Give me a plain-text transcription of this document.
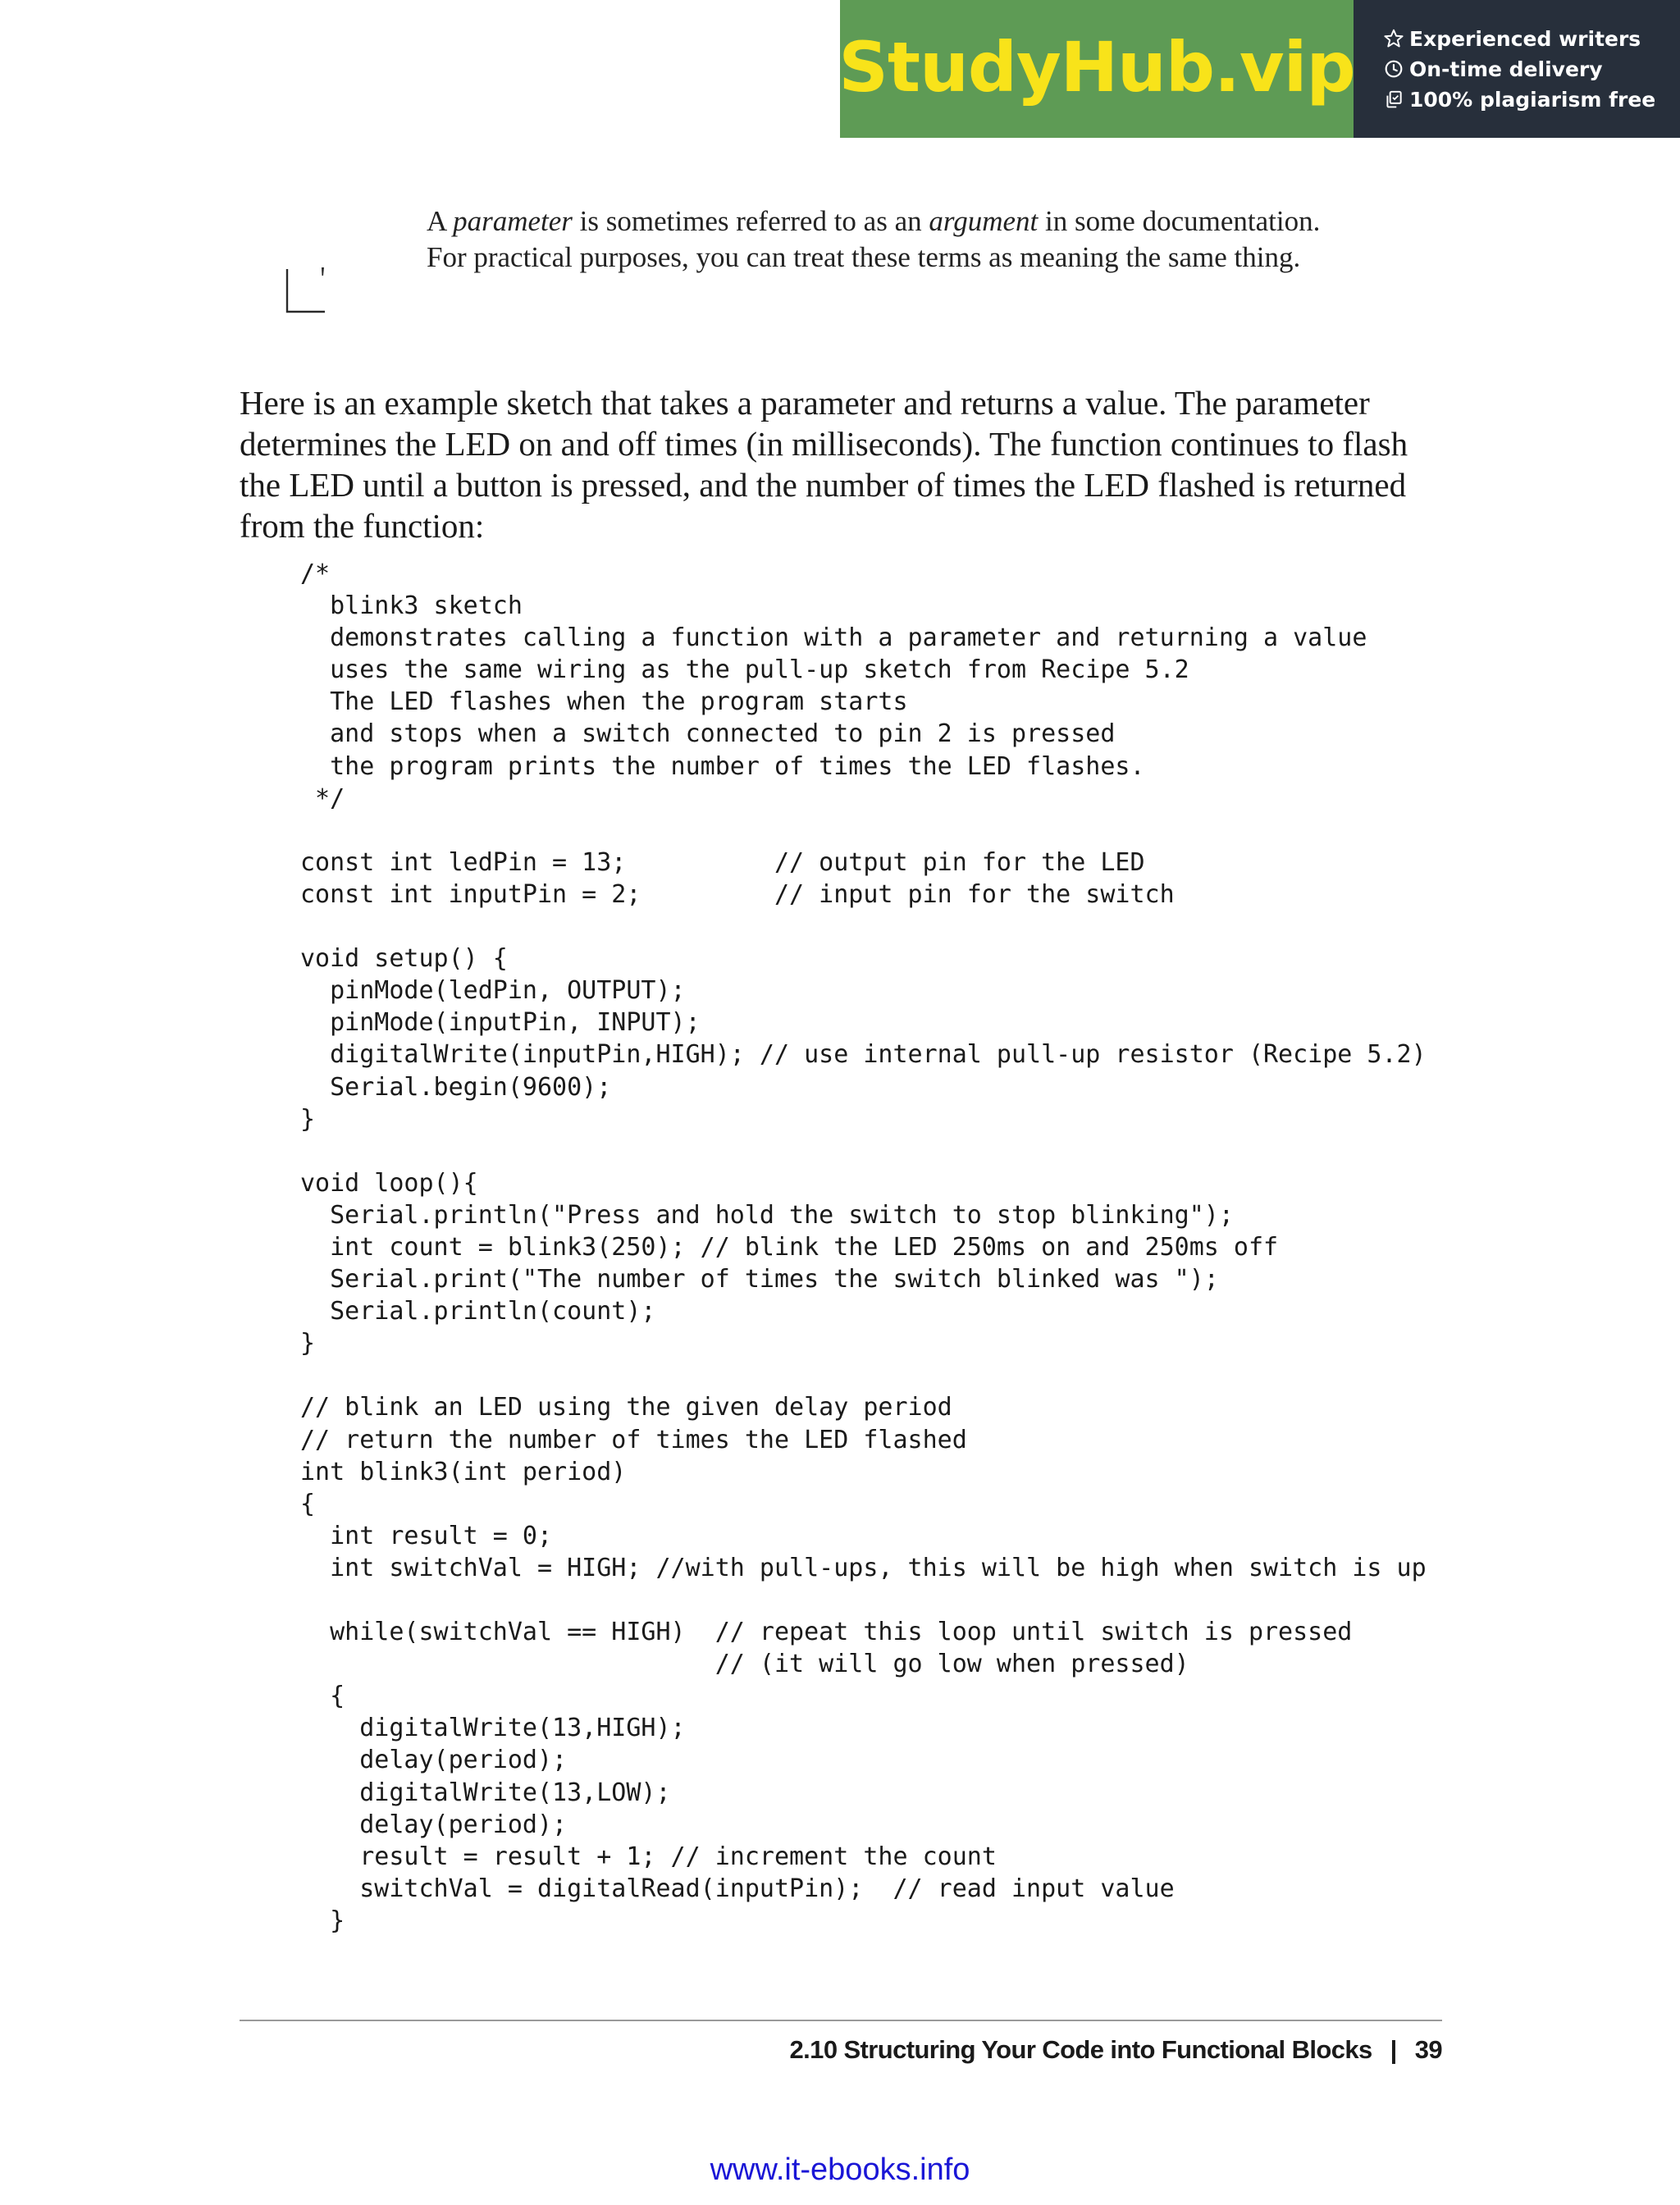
StudyHub.vip	Experienced writers
On-time delivery
100% plagiarism free
A parameter is sometimes referred to as an argument in some documentation. For practical purposes, you can treat these terms as meaning the same thing.

Here is an example sketch that takes a parameter and returns a value. The parameter determines the LED on and off times (in milliseconds). The function continues to flash the LED until a button is pressed, and the number of times the LED flashed is returned from the function:

/*
blink3 sketch
demonstrates calling a function with a parameter and returning a value
uses the same wiring as the pull-up sketch from Recipe 5.2
The LED flashes when the program starts
and stops when a switch connected to pin 2 is pressed
the program prints the number of times the LED flashes.
*/

const int ledPin = 13;          // output pin for the LED
const int inputPin = 2;         // input pin for the switch

void setup() {
pinMode(ledPin, OUTPUT);
pinMode(inputPin, INPUT);
digitalWrite(inputPin,HIGH); // use internal pull-up resistor (Recipe 5.2)
Serial.begin(9600);
}

void loop(){
Serial.println("Press and hold the switch to stop blinking");
int count = blink3(250); // blink the LED 250ms on and 250ms off
Serial.print("The number of times the switch blinked was ");
Serial.println(count);
}

// blink an LED using the given delay period
// return the number of times the LED flashed
int blink3(int period)
{
int result = 0;
int switchVal = HIGH; //with pull-ups, this will be high when switch is up

while(switchVal == HIGH)  // repeat this loop until switch is pressed
// (it will go low when pressed)
{
digitalWrite(13,HIGH);
delay(period);
digitalWrite(13,LOW);
delay(period);
result = result + 1; // increment the count
switchVal = digitalRead(inputPin);  // read input value
}
2.10 Structuring Your Code into Functional Blocks | 39
www.it-ebooks.info
